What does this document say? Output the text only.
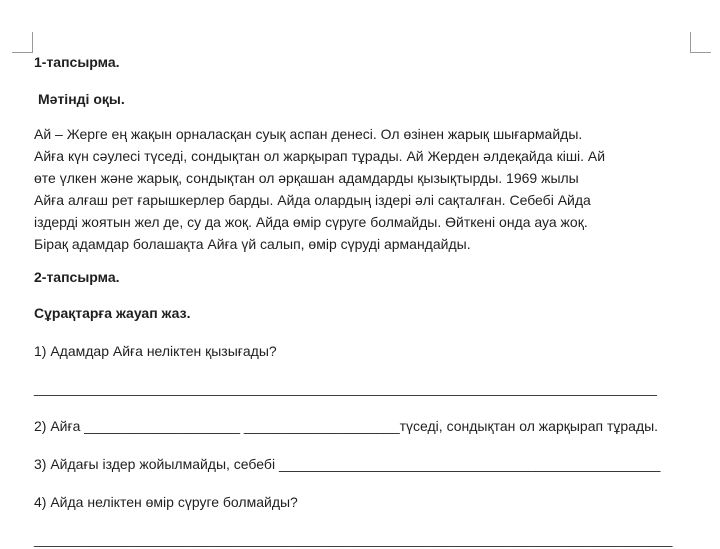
1-тапсырма.

Мәтінді оқы.

Ай – Жерге ең жақын орналасқан суық аспан денесі. Ол өзінен жарық шығармайды.
Айға күн сәулесі түседі, сондықтан ол жарқырап тұрады. Ай Жерден әлдеқайда кіші. Ай
өте үлкен және жарық, сондықтан ол әрқашан адамдарды қызықтырды. 1969 жылы
Айға алғаш рет ғарышкерлер барды. Айда олардың іздері әлі сақталған. Себебі Айда
іздерді жоятын жел де, су да жоқ. Айда өмір сүруге болмайды. Өйткені онда ауа жоқ.
Бірақ адамдар болашақта Айға үй салып, өмір сүруді армандайды.

2-тапсырма.

Сұрақтарға жауап жаз.

1) Адамдар Айға неліктен қызығады?

________________________________________________________________________________

2) Айға ____________________ ____________________түседі, сондықтан ол жарқырап тұрады.

3) Айдағы іздер жойылмайды, себебі _________________________________________________

4) Айда неліктен өмір сүруге болмайды?

__________________________________________________________________________________
